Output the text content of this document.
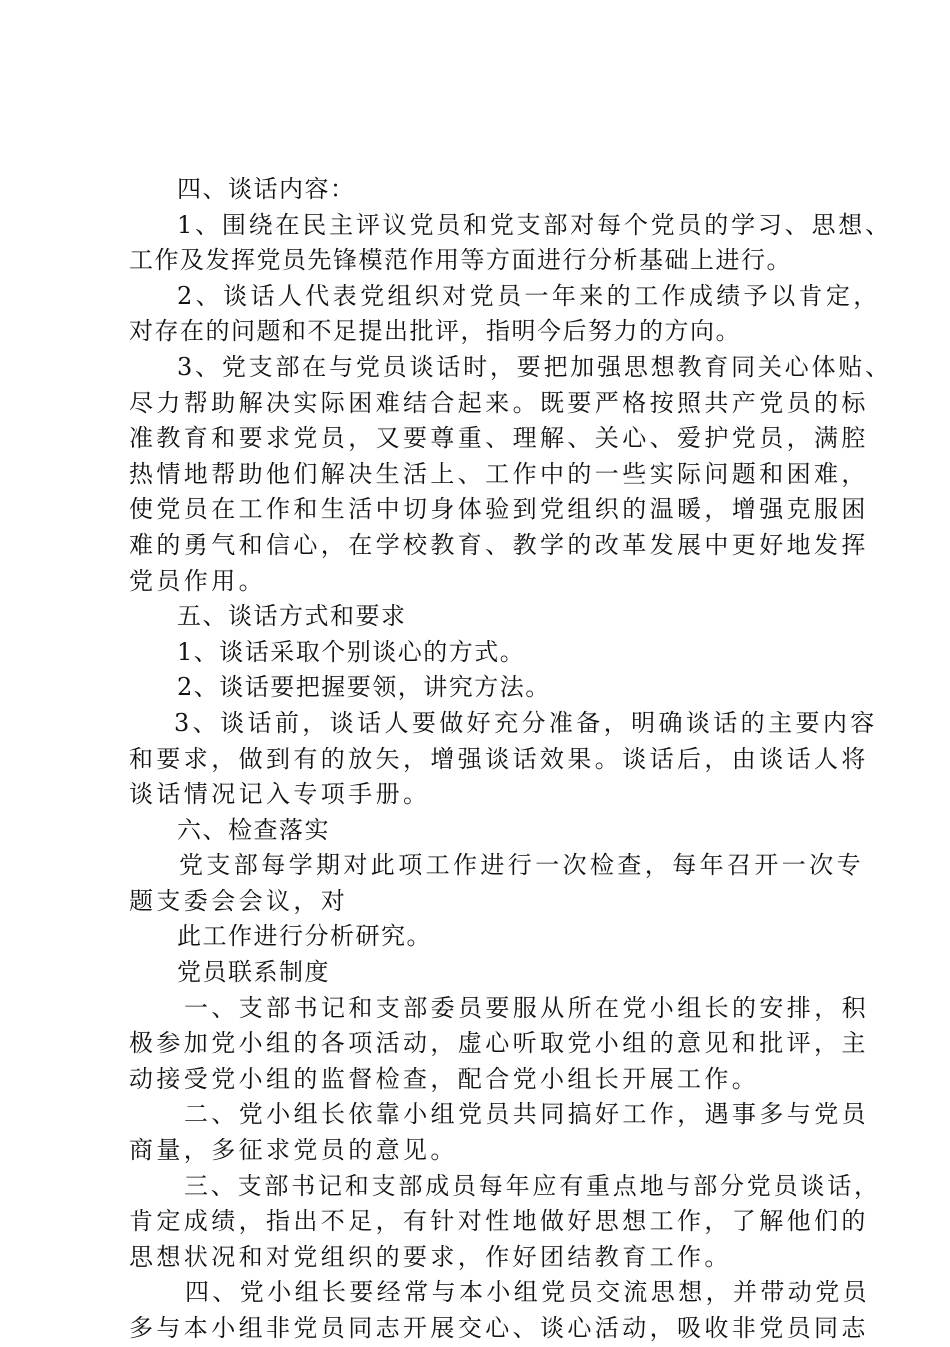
四、谈话内容：
1、围绕在民主评议党员和党支部对每个党员的学习、思想、
工作及发挥党员先锋模范作用等方面进行分析基础上进行。
2、谈话人代表党组织对党员一年来的工作成绩予以肯定，
对存在的问题和不足提出批评，指明今后努力的方向。
3、党支部在与党员谈话时，要把加强思想教育同关心体贴、
尽力帮助解决实际困难结合起来。既要严格按照共产党员的标
准教育和要求党员，又要尊重、理解、关心、爱护党员，满腔
热情地帮助他们解决生活上、工作中的一些实际问题和困难，
使党员在工作和生活中切身体验到党组织的温暖，增强克服困
难的勇气和信心，在学校教育、教学的改革发展中更好地发挥
党员作用。
五、谈话方式和要求
1、谈话采取个别谈心的方式。
2、谈话要把握要领，讲究方法。
3、谈话前，谈话人要做好充分准备，明确谈话的主要内容
和要求，做到有的放矢，增强谈话效果。谈话后，由谈话人将
谈话情况记入专项手册。
六、检查落实
党支部每学期对此项工作进行一次检查，每年召开一次专
题支委会会议，对
此工作进行分析研究。
党员联系制度
一、支部书记和支部委员要服从所在党小组长的安排，积
极参加党小组的各项活动，虚心听取党小组的意见和批评，主
动接受党小组的监督检查，配合党小组长开展工作。
二、党小组长依靠小组党员共同搞好工作，遇事多与党员
商量，多征求党员的意见。
三、支部书记和支部成员每年应有重点地与部分党员谈话，
肯定成绩，指出不足，有针对性地做好思想工作，了解他们的
思想状况和对党组织的要求，作好团结教育工作。
四、党小组长要经常与本小组党员交流思想，并带动党员
多与本小组非党员同志开展交心、谈心活动，吸收非党员同志
